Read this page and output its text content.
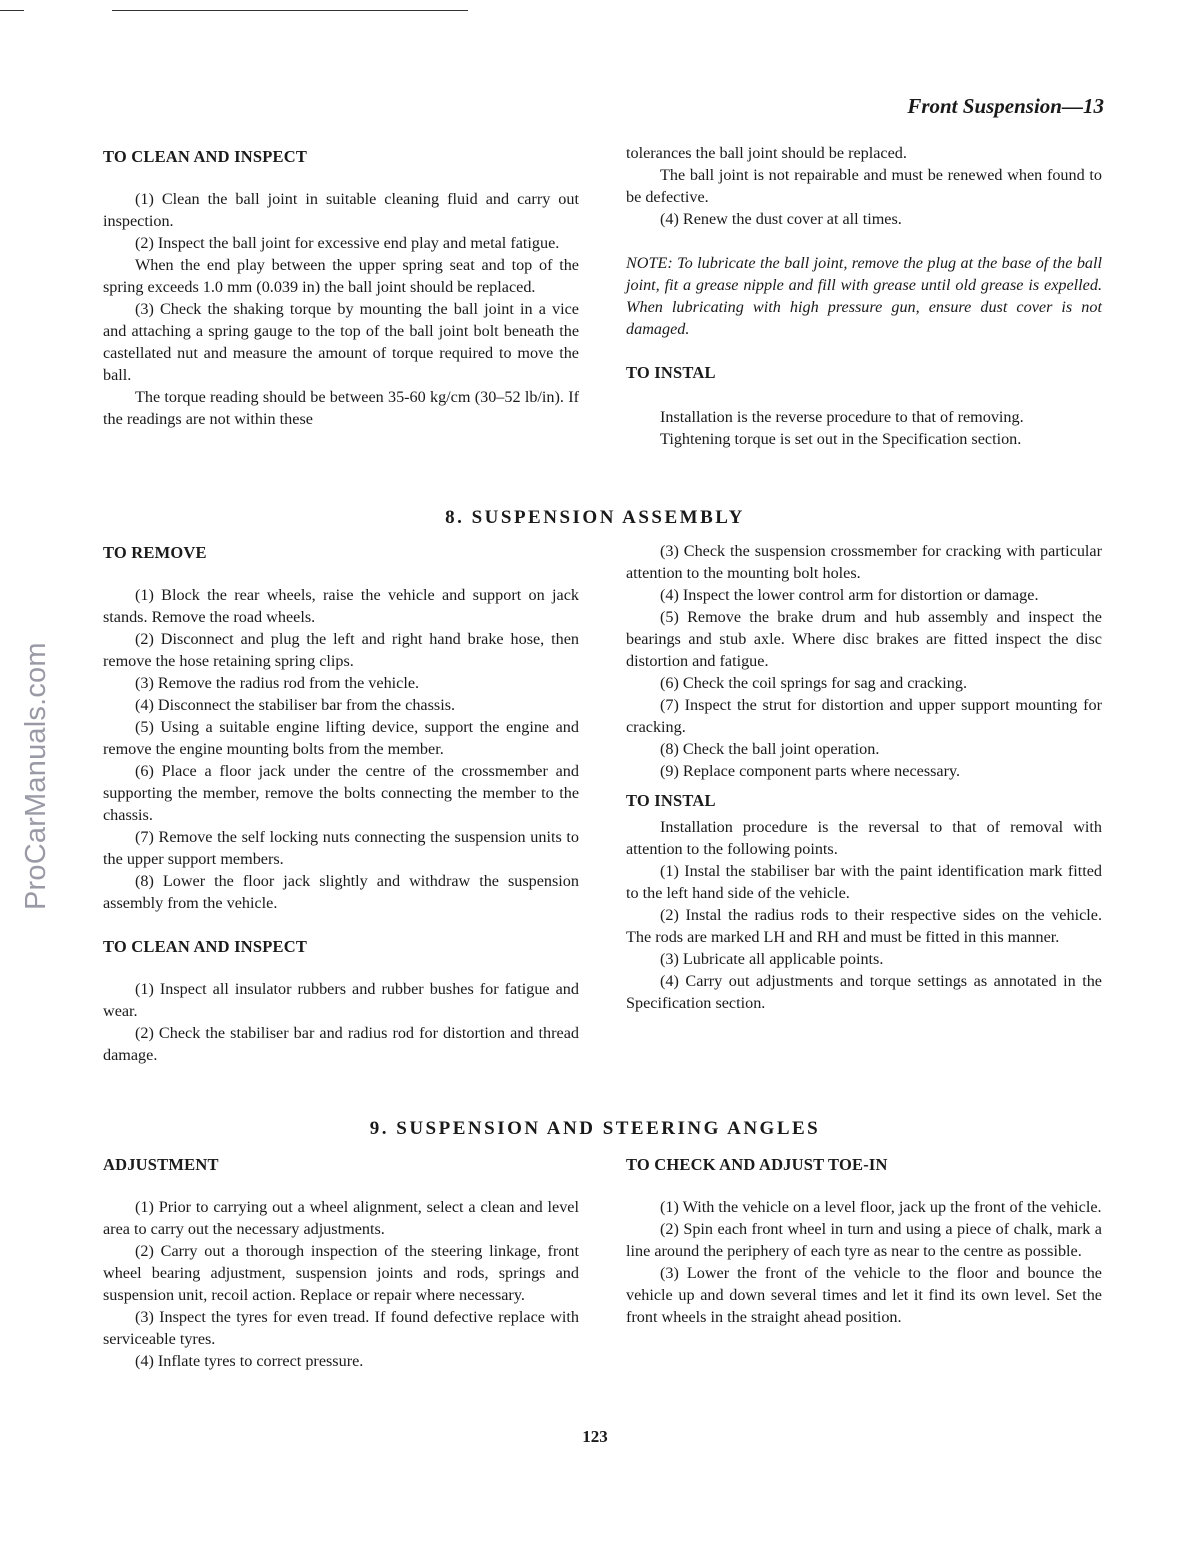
ProCarManuals.com
Front Suspension—13

TO CLEAN AND INSPECT

(1) Clean the ball joint in suitable cleaning fluid and carry out inspection.

(2) Inspect the ball joint for excessive end play and metal fatigue.

When the end play between the upper spring seat and top of the spring exceeds 1.0 mm (0.039 in) the ball joint should be replaced.

(3) Check the shaking torque by mounting the ball joint in a vice and attaching a spring gauge to the top of the ball joint bolt beneath the castellated nut and measure the amount of torque required to move the ball.

The torque reading should be between 35-60 kg/cm (30–52 lb/in). If the readings are not within these

tolerances the ball joint should be replaced.

The ball joint is not repairable and must be renewed when found to be defective.

(4) Renew the dust cover at all times.

NOTE: To lubricate the ball joint, remove the plug at the base of the ball joint, fit a grease nipple and fill with grease until old grease is expelled. When lubricating with high pressure gun, ensure dust cover is not damaged.

TO INSTAL

Installation is the reverse procedure to that of removing.

Tightening torque is set out in the Specification section.

8. SUSPENSION ASSEMBLY

TO REMOVE

(1) Block the rear wheels, raise the vehicle and support on jack stands. Remove the road wheels.

(2) Disconnect and plug the left and right hand brake hose, then remove the hose retaining spring clips.

(3) Remove the radius rod from the vehicle.

(4) Disconnect the stabiliser bar from the chassis.

(5) Using a suitable engine lifting device, support the engine and remove the engine mounting bolts from the member.

(6) Place a floor jack under the centre of the crossmember and supporting the member, remove the bolts connecting the member to the chassis.

(7) Remove the self locking nuts connecting the suspension units to the upper support members.

(8) Lower the floor jack slightly and withdraw the suspension assembly from the vehicle.

TO CLEAN AND INSPECT

(1) Inspect all insulator rubbers and rubber bushes for fatigue and wear.

(2) Check the stabiliser bar and radius rod for distortion and thread damage.

(3) Check the suspension crossmember for cracking with particular attention to the mounting bolt holes.

(4) Inspect the lower control arm for distortion or damage.

(5) Remove the brake drum and hub assembly and inspect the bearings and stub axle. Where disc brakes are fitted inspect the disc distortion and fatigue.

(6) Check the coil springs for sag and cracking.

(7) Inspect the strut for distortion and upper support mounting for cracking.

(8) Check the ball joint operation.

(9) Replace component parts where necessary.

TO INSTAL

Installation procedure is the reversal to that of removal with attention to the following points.

(1) Instal the stabiliser bar with the paint identification mark fitted to the left hand side of the vehicle.

(2) Instal the radius rods to their respective sides on the vehicle. The rods are marked LH and RH and must be fitted in this manner.

(3) Lubricate all applicable points.

(4) Carry out adjustments and torque settings as annotated in the Specification section.

9. SUSPENSION AND STEERING ANGLES

ADJUSTMENT

(1) Prior to carrying out a wheel alignment, select a clean and level area to carry out the necessary adjustments.

(2) Carry out a thorough inspection of the steering linkage, front wheel bearing adjustment, suspension joints and rods, springs and suspension unit, recoil action. Replace or repair where necessary.

(3) Inspect the tyres for even tread. If found defective replace with serviceable tyres.

(4) Inflate tyres to correct pressure.

TO CHECK AND ADJUST TOE-IN

(1) With the vehicle on a level floor, jack up the front of the vehicle.

(2) Spin each front wheel in turn and using a piece of chalk, mark a line around the periphery of each tyre as near to the centre as possible.

(3) Lower the front of the vehicle to the floor and bounce the vehicle up and down several times and let it find its own level. Set the front wheels in the straight ahead position.

123
